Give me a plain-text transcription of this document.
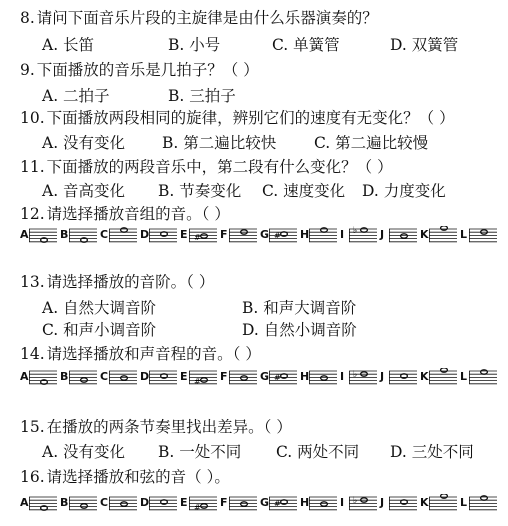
8. 请问下面音乐片段的主旋律是由什么乐器演奏的？
A. 长笛	B. 小号	C. 单簧管	D. 双簧管
9. 下面播放的音乐是几拍子？（ ）
A. 二拍子	B. 三拍子
10. 下面播放两段相同的旋律，辨别它们的速度有无变化？（ ）
A. 没有变化 B. 第二遍比较快 C. 第二遍比较慢
11. 下面播放的两段音乐中，第二段有什么变化？（ ）
A. 音高变化 B. 节奏变化 C. 速度变化 D. 力度变化
12. 请选择播放音组的音。（ ）
A	B	C	D	E # F	G # H	I ♭ J	K	L
13. 请选择播放的音阶。（ ）
A. 自然大调音阶	B. 和声大调音阶
C. 和声小调音阶	D. 自然小调音阶
14. 请选择播放和声音程的音。（ ）
A	B	C	D	E # F	G # H	I ♭ J	K	L
15. 在播放的两条节奏里找出差异。（ ）
A. 没有变化 B. 一处不同 C. 两处不同 D. 三处不同
16. 请选择播放和弦的音（ ）。
A	B	C	D	E # F	G # H	I ♭ J	K	L
